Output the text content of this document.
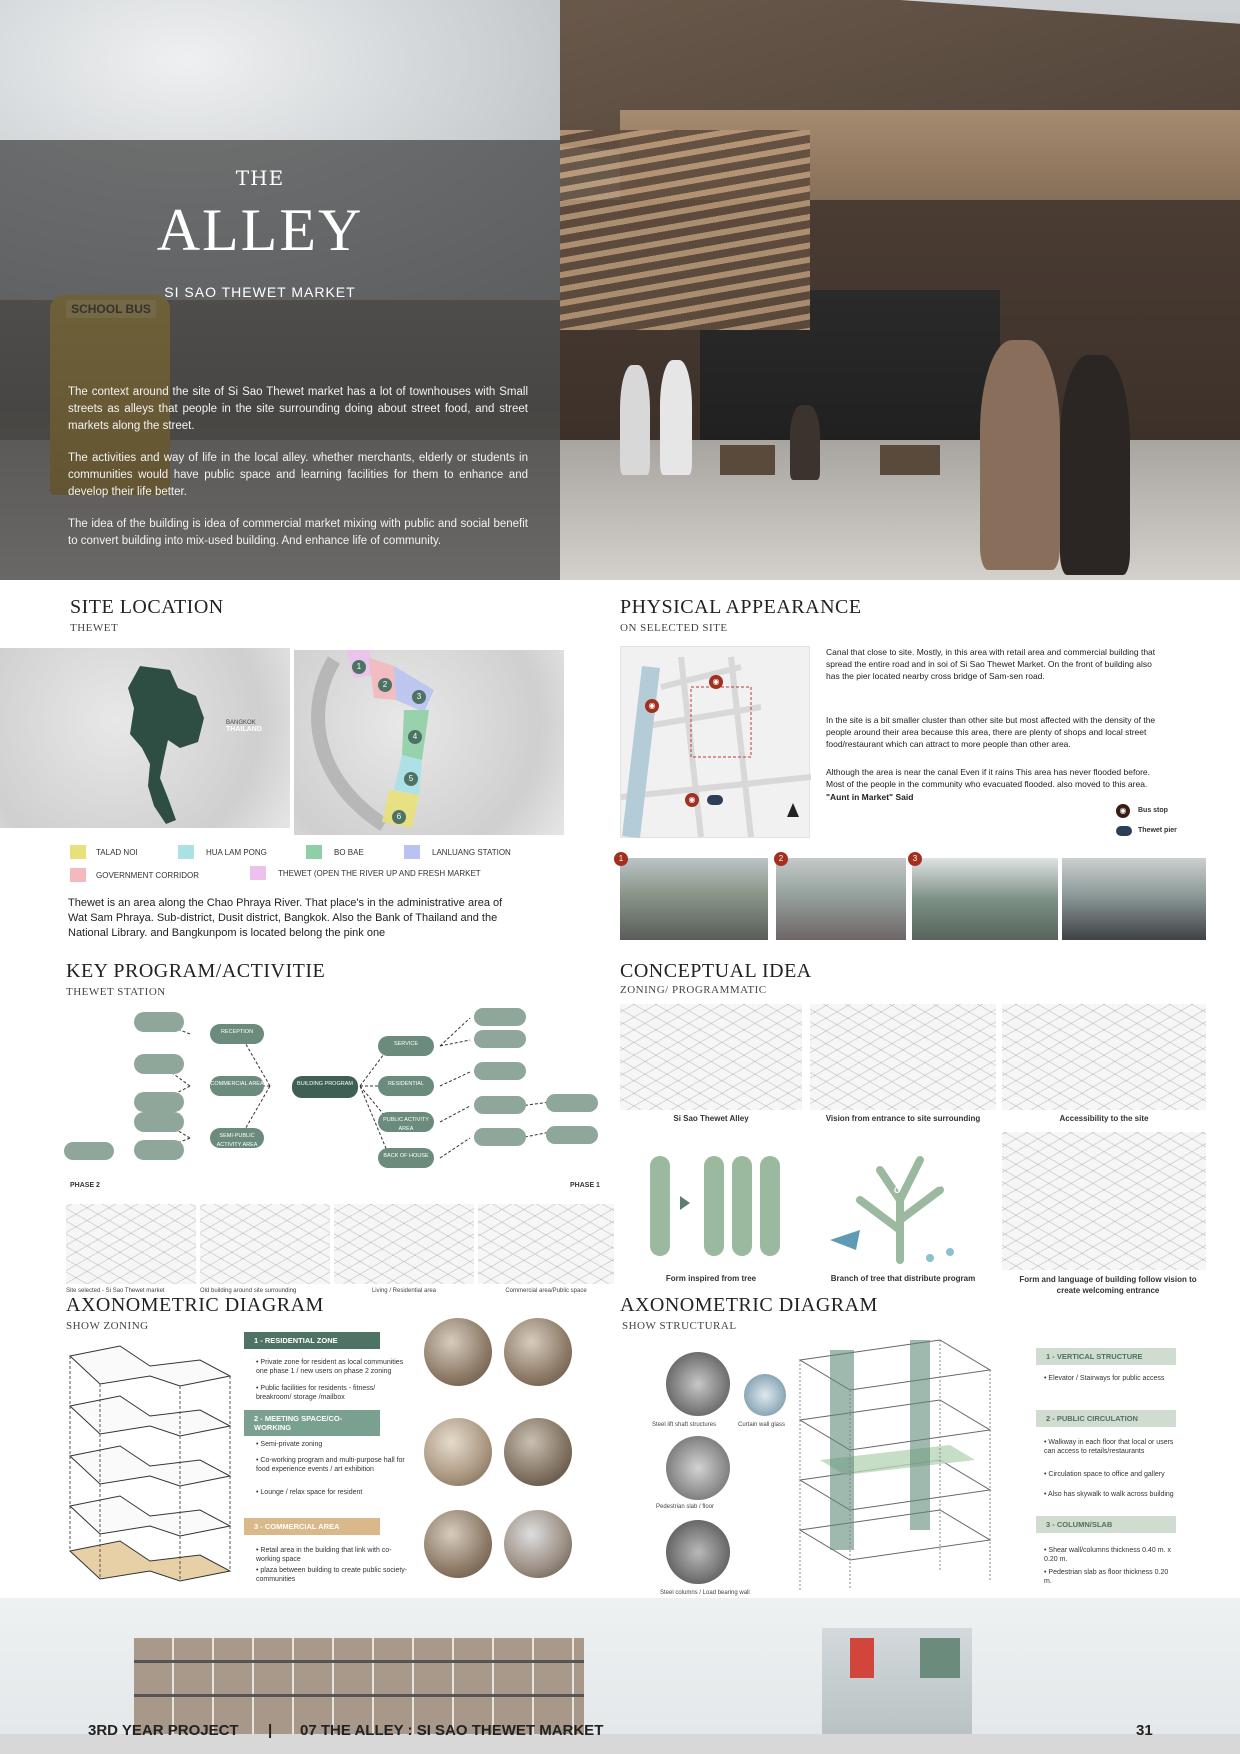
THE
ALLEY
SI SAO THEWET MARKET

The context around the site of Si Sao Thewet market has a lot of townhouses with Small streets as alleys that people in the site surrounding doing about street food, and street markets along the street.

The activities and way of life in the local alley. whether merchants, elderly or students in communities would have public space and learning facilities for them to enhance and develop their life better.

The idea of the building is idea of commercial market mixing with public and social benefit to convert building into mix-used building. And enhance life of community.

SITE LOCATION
THEWET
BANGKOK
THAILAND
1
2
3
4
5
6
TALAD NOI	HUA LAM PONG	BO BAE	LANLUANG STATION
GOVERNMENT CORRIDOR	THEWET (OPEN THE RIVER UP AND FRESH MARKET

Thewet is an area along the Chao Phraya River. That place's in the administrative area of Wat Sam Phraya. Sub-district, Dusit district, Bangkok. Also the Bank of Thailand and the National Library. and Bangkunpom is located belong the pink one

PHYSICAL APPEARANCE
ON SELECTED SITE
◉
◉
◉

Canal that close to site. Mostly, in this area with retail area and commercial building that spread the entire road and in soi of Si Sao Thewet Market. On the front of building also has the pier located nearby cross bridge of Sam-sen road.

In the site is a bit smaller cluster than other site but most affected with the density of the people around their area because this area, there are plenty of shops and local street food/restaurant which can attract to more people than other area.

Although the area is near the canal Even if it rains This area has never flooded before. Most of the people in the community who evacuated flooded. also moved to this area.

"Aunt in Market" Said
◉	Bus stop
Thewet pier
1	2	3
KEY PROGRAM/ACTIVITIE
THEWET STATION
BUILDING PROGRAM
RECEPTION
COMMERCIAL AREA
SEMI-PUBLIC ACTIVITY AREA
SERVICE
RESIDENTIAL
PUBLIC ACTIVITY AREA
BACK OF HOUSE
PHASE 2	PHASE 1
Site selected - Si Sao Thewet market	Old building around site surrounding	Living / Residential area	Commercial area/Public space
CONCEPTUAL IDEA
ZONING/ PROGRAMMATIC
Si Sao Thewet Alley	Vision from entrance to site surrounding	Accessibility to the site
R
C
P
S
Form inspired from tree	Branch of tree that distribute program	Form and language of building follow vision to create welcoming entrance
AXONOMETRIC DIAGRAM
SHOW ZONING
1 - RESIDENTIAL ZONE
• Private zone for resident as local communities one phase 1 / new users on phase 2 zoning
• Public facilities for residents - fitness/ breakroom/ storage /mailbox
2 - MEETING SPACE/CO-WORKING
• Semi-private zoning
• Co-working program and multi-purpose hall for food experience events / art exhibition
• Lounge / relax space for resident
3 - COMMERCIAL AREA
• Retail area in the building that link with co-working space
• plaza between building to create public society-communities
AXONOMETRIC DIAGRAM
SHOW STRUCTURAL
Steel lift shaft structures	Curtain wall glass
Pedestrian slab / floor
Steel columns / Load bearing wall
1 - VERTICAL STRUCTURE
• Elevator / Stairways for public access
2 - PUBLIC CIRCULATION
• Walkway in each floor that local or users can access to retails/restaurants
• Circulation space to office and gallery
• Also has skywalk to walk across building
3 - COLUMN/SLAB
• Shear wall/columns thickness 0.40 m. x 0.20 m.
• Pedestrian slab as floor thickness 0.20 m.
3RD YEAR PROJECT | 07 THE ALLEY : SI SAO THEWET MARKET	31
